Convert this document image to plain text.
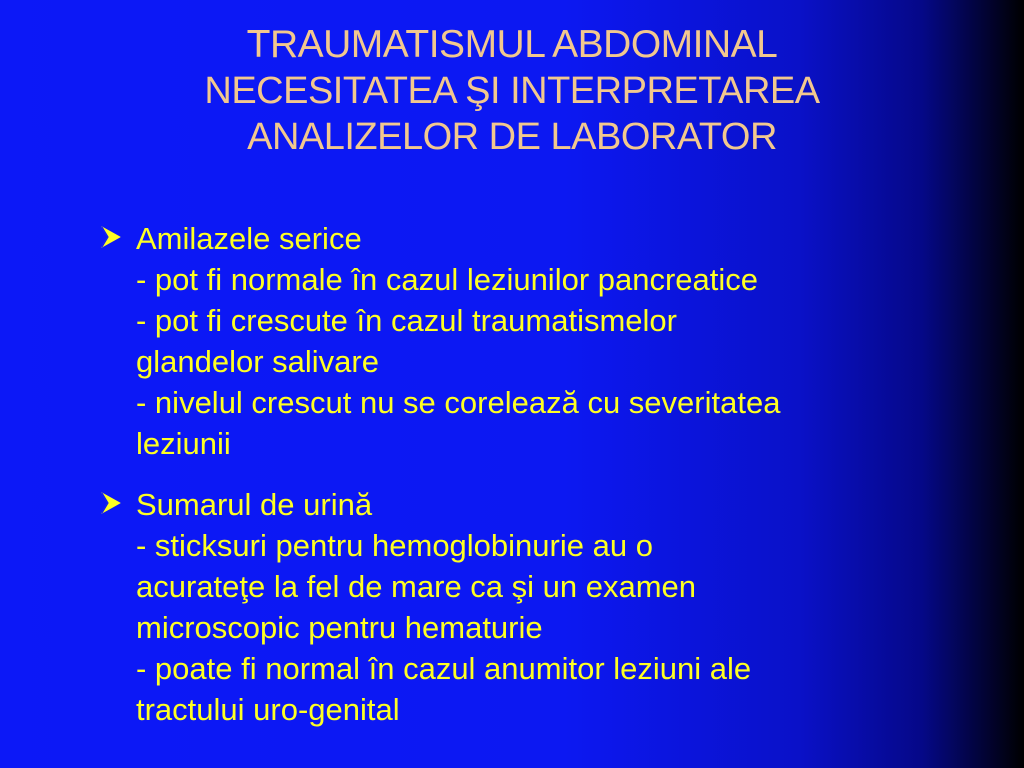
TRAUMATISMUL ABDOMINAL
NECESITATEA ŞI INTERPRETAREA
ANALIZELOR DE LABORATOR
Amilazele serice
- pot fi normale în cazul leziunilor pancreatice
- pot fi crescute în cazul traumatismelor
glandelor salivare
- nivelul crescut nu se corelează cu severitatea
leziunii
Sumarul de urină
- sticksuri pentru hemoglobinurie au o
acurateţe la fel de mare ca şi un examen
microscopic pentru hematurie
- poate fi normal în cazul anumitor leziuni ale
tractului uro-genital
